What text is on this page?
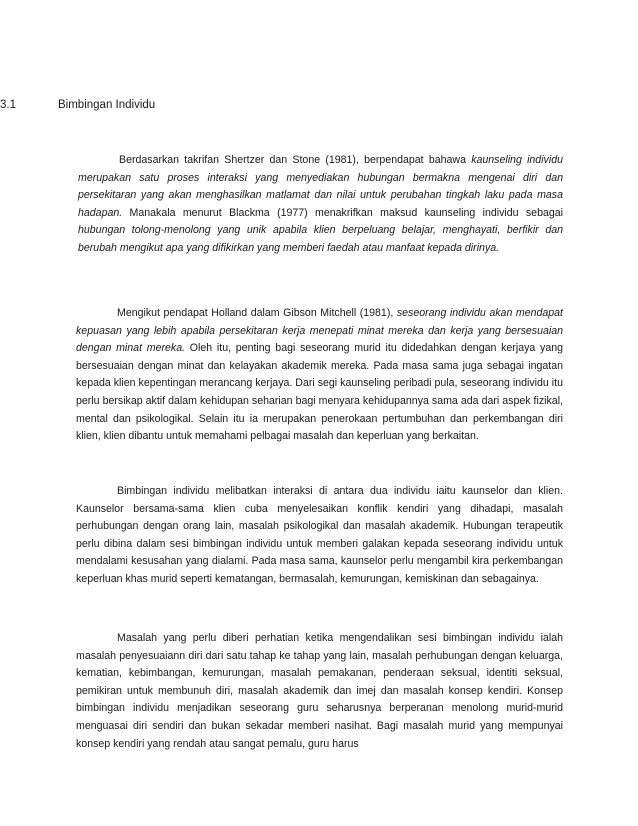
3.1	Bimbingan Individu

Berdasarkan takrifan Shertzer dan Stone (1981), berpendapat bahawa kaunseling individu merupakan satu proses interaksi yang menyediakan hubungan bermakna mengenai diri dan persekitaran yang akan menghasilkan matlamat dan nilai untuk perubahan tingkah laku pada masa hadapan. Manakala menurut Blackma (1977) menakrifkan maksud kaunseling individu sebagai hubungan tolong-menolong yang unik apabila klien berpeluang belajar, menghayati, berfikir dan berubah mengikut apa yang difikirkan yang memberi faedah atau manfaat kepada dirinya.

Mengikut pendapat Holland dalam Gibson Mitchell (1981), seseorang individu akan mendapat kepuasan yang lebih apabila persekitaran kerja menepati minat mereka dan kerja yang bersesuaian dengan minat mereka. Oleh itu, penting bagi seseorang murid itu didedahkan dengan kerjaya yang bersesuaian dengan minat dan kelayakan akademik mereka. Pada masa sama juga sebagai ingatan kepada klien kepentingan merancang kerjaya. Dari segi kaunseling peribadi pula, seseorang individu itu perlu bersikap aktif dalam kehidupan seharian bagi menyara kehidupannya sama ada dari aspek fizikal, mental dan psikologikal. Selain itu ia merupakan penerokaan pertumbuhan dan perkembangan diri klien, klien dibantu untuk memahami pelbagai masalah dan keperluan yang berkaitan.

Bimbingan individu melibatkan interaksi di antara dua individu iaitu kaunselor dan klien. Kaunselor bersama-sama klien cuba menyelesaikan konflik kendiri yang dihadapi, masalah perhubungan dengan orang lain, masalah psikologikal dan masalah akademik. Hubungan terapeutik perlu dibina dalam sesi bimbingan individu untuk memberi galakan kepada seseorang individu untuk mendalami kesusahan yang dialami. Pada masa sama, kaunselor perlu mengambil kira perkembangan keperluan khas murid seperti kematangan, bermasalah, kemurungan, kemiskinan dan sebagainya.

Masalah yang perlu diberi perhatian ketika mengendalikan sesi bimbingan individu ialah masalah penyesuaiann diri dari satu tahap ke tahap yang lain, masalah perhubungan dengan keluarga, kematian, kebimbangan, kemurungan, masalah pemakanan, penderaan seksual, identiti seksual, pemikiran untuk membunuh diri, masalah akademik dan imej dan masalah konsep kendiri. Konsep bimbingan individu menjadikan seseorang guru seharusnya berperanan menolong murid-murid menguasai diri sendiri dan bukan sekadar memberi nasihat. Bagi masalah murid yang mempunyai konsep kendiri yang rendah atau sangat pemalu, guru harus
